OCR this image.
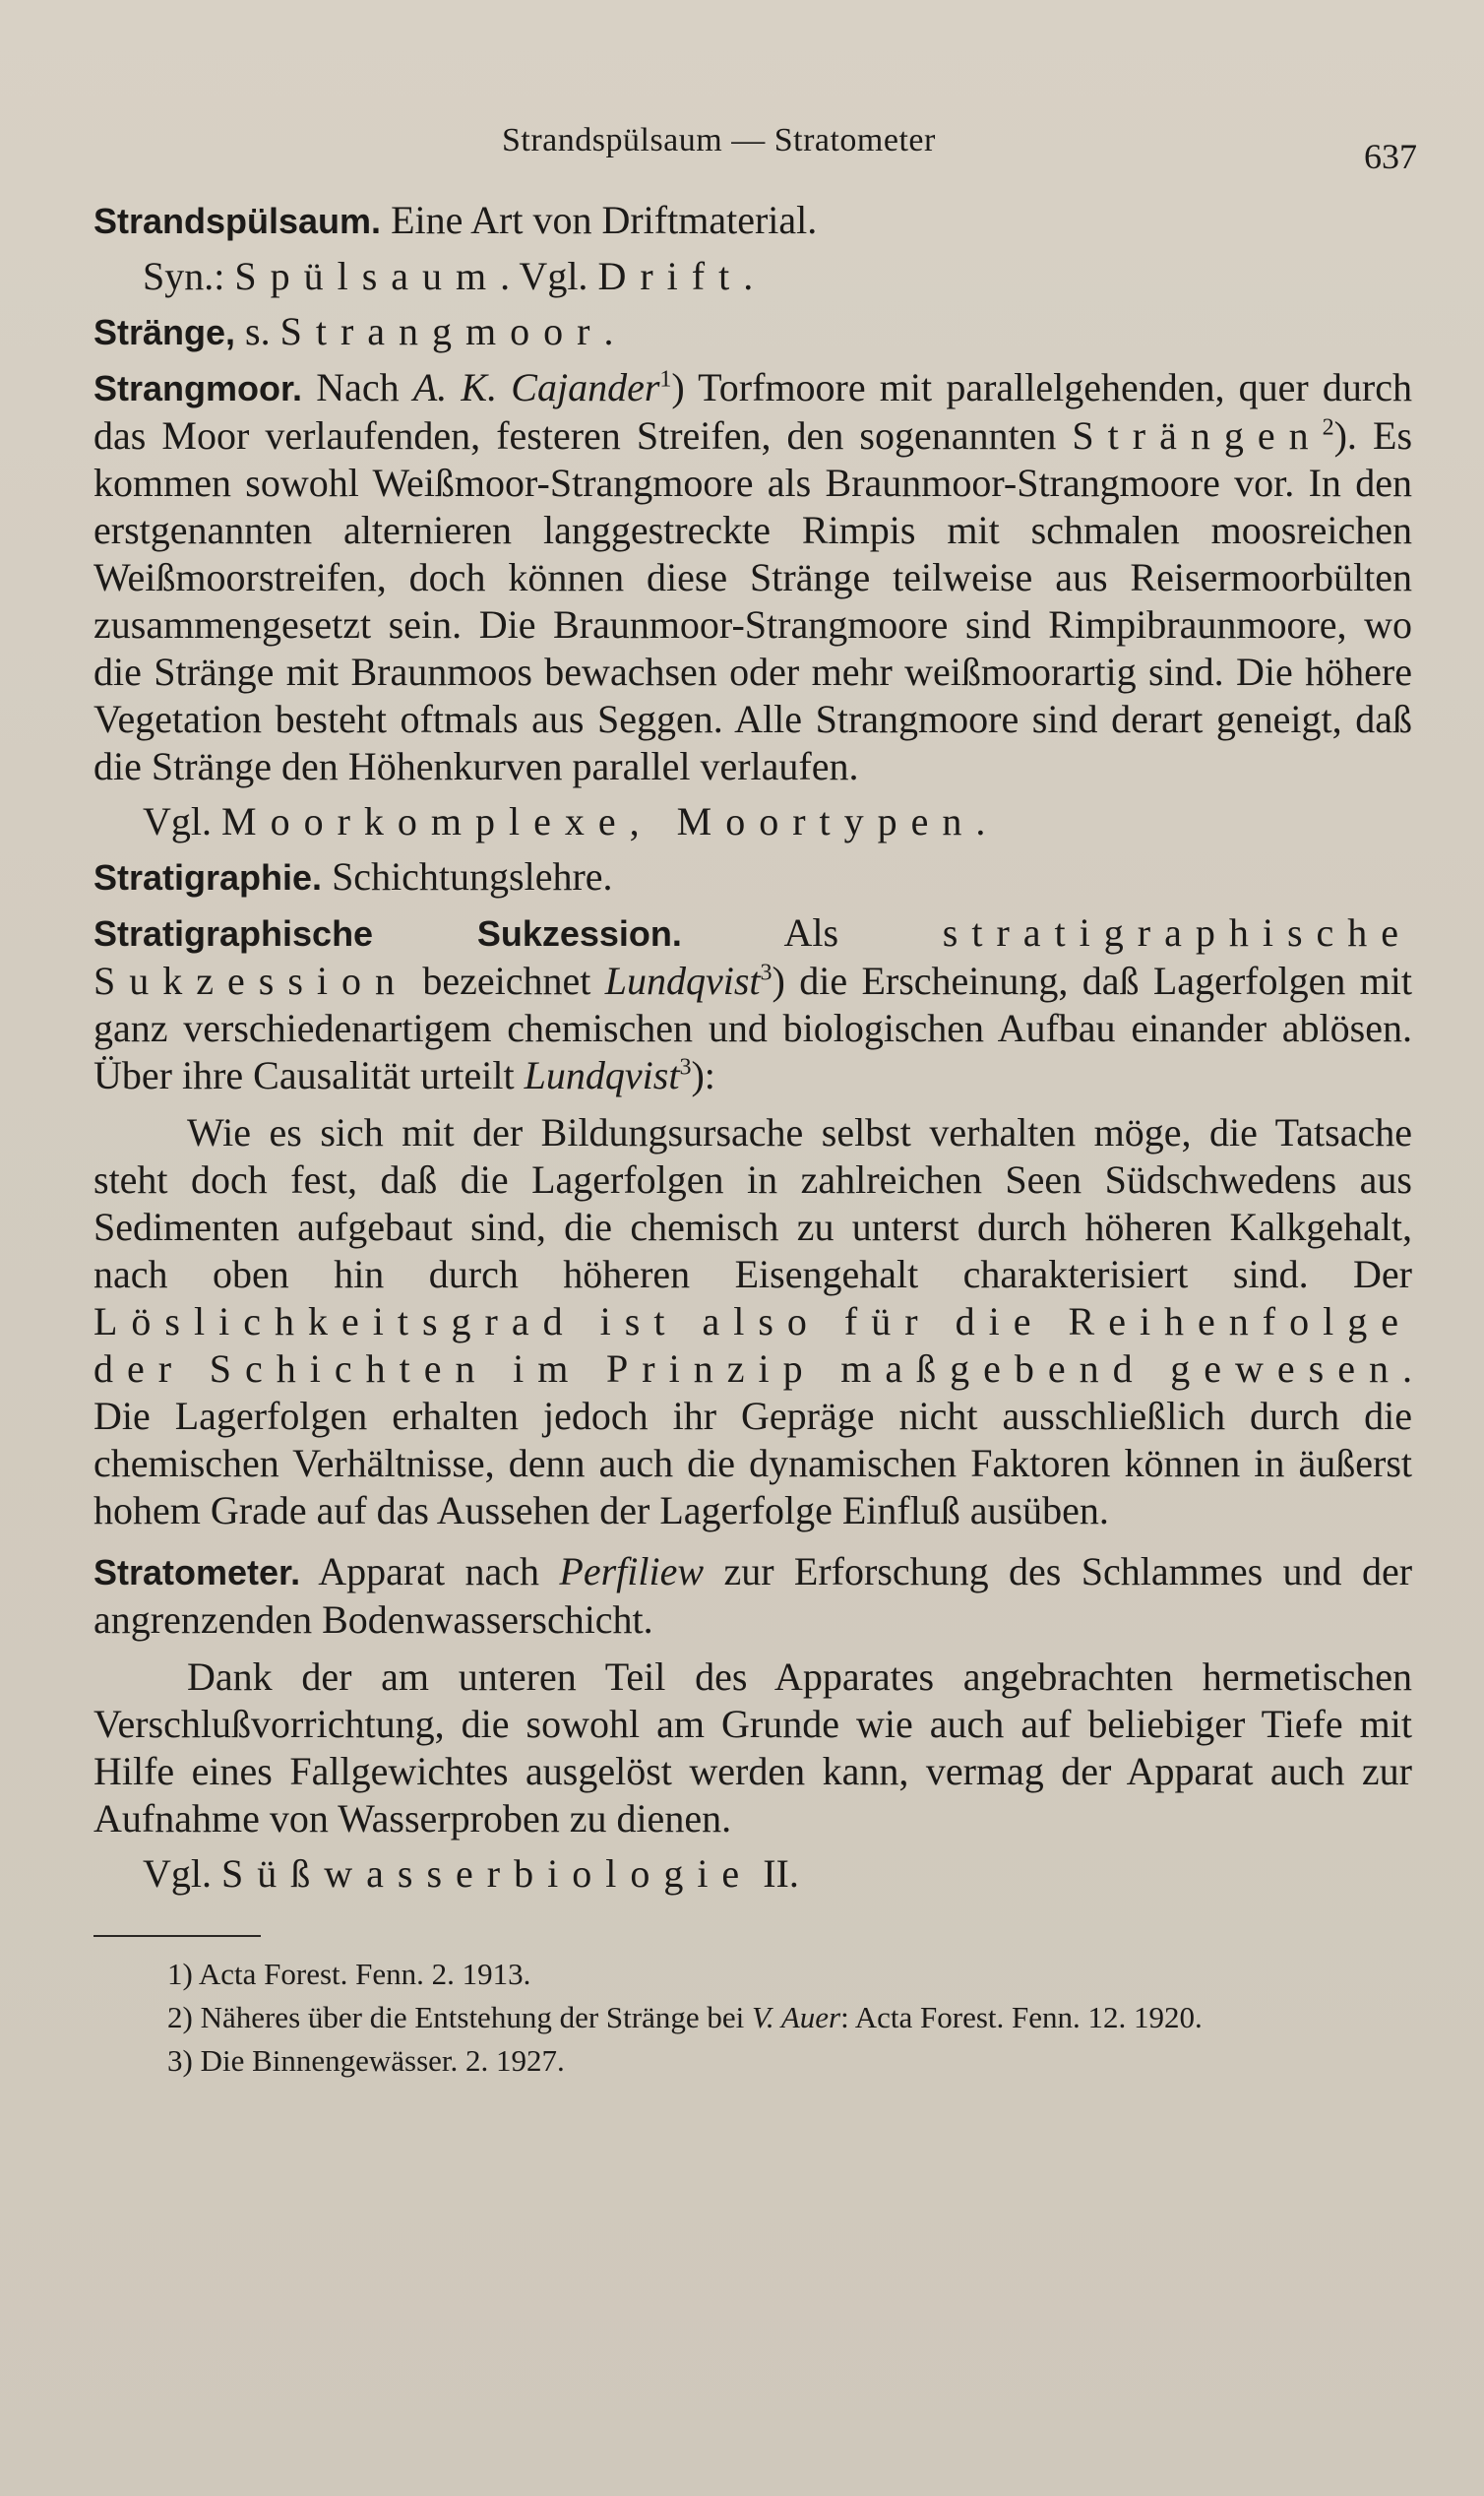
Strandspülsaum — Stratometer	637

Strandspülsaum. Eine Art von Driftmaterial.

Syn.: Spülsaum. Vgl. Drift.

Stränge, s. Strangmoor.

Strangmoor. Nach A. K. Cajander$^1$) Torfmoore mit parallelgehenden, quer durch das Moor verlaufenden, festeren Streifen, den sogenannten Strängen$^2$). Es kommen sowohl Weißmoor-Strangmoore als Braunmoor-Strangmoore vor. In den erstgenannten alternieren langgestreckte Rimpis mit schmalen moosreichen Weißmoorstreifen, doch können diese Stränge teilweise aus Reisermoorbülten zusammengesetzt sein. Die Braunmoor-Strangmoore sind Rimpibraunmoore, wo die Stränge mit Braunmoos bewachsen oder mehr weißmoorartig sind. Die höhere Vegetation besteht oftmals aus Seggen. Alle Strangmoore sind derart geneigt, daß die Stränge den Höhenkurven parallel verlaufen.

Vgl. Moorkomplexe, Moortypen.

Stratigraphie. Schichtungslehre.

Stratigraphische Sukzession.	Als	stratigraphische Sukzession bezeichnet Lundqvist$^3$) die Erscheinung, daß Lagerfolgen mit ganz verschiedenartigem chemischen und biologischen Aufbau einander ablösen. Über ihre Causalität urteilt Lundqvist$^3$):

Wie es sich mit der Bildungsursache selbst verhalten möge, die Tatsache steht doch fest, daß die Lagerfolgen in zahlreichen Seen Südschwedens aus Sedimenten aufgebaut sind, die chemisch zu unterst durch höheren Kalkgehalt, nach oben hin durch höheren Eisengehalt charakterisiert sind. Der Löslichkeitsgrad ist also für die Reihenfolge der Schichten im Prinzip maßgebend gewesen. Die Lagerfolgen erhalten jedoch ihr Gepräge nicht ausschließlich durch die chemischen Verhältnisse, denn auch die dynamischen Faktoren können in äußerst hohem Grade auf das Aussehen der Lagerfolge Einfluß ausüben.

Stratometer. Apparat nach Perfiliew zur Erforschung des Schlammes und der angrenzenden Bodenwasserschicht.

Dank der am unteren Teil des Apparates angebrachten hermetischen Verschlußvorrichtung, die sowohl am Grunde wie auch auf beliebiger Tiefe mit Hilfe eines Fallgewichtes ausgelöst werden kann, vermag der Apparat auch zur Aufnahme von Wasserproben zu dienen.

Vgl. Süßwasserbiologie II.

1) Acta Forest. Fenn. 2. 1913.

2) Näheres über die Entstehung der Stränge bei V. Auer: Acta Forest. Fenn. 12. 1920.

3) Die Binnengewässer. 2. 1927.
